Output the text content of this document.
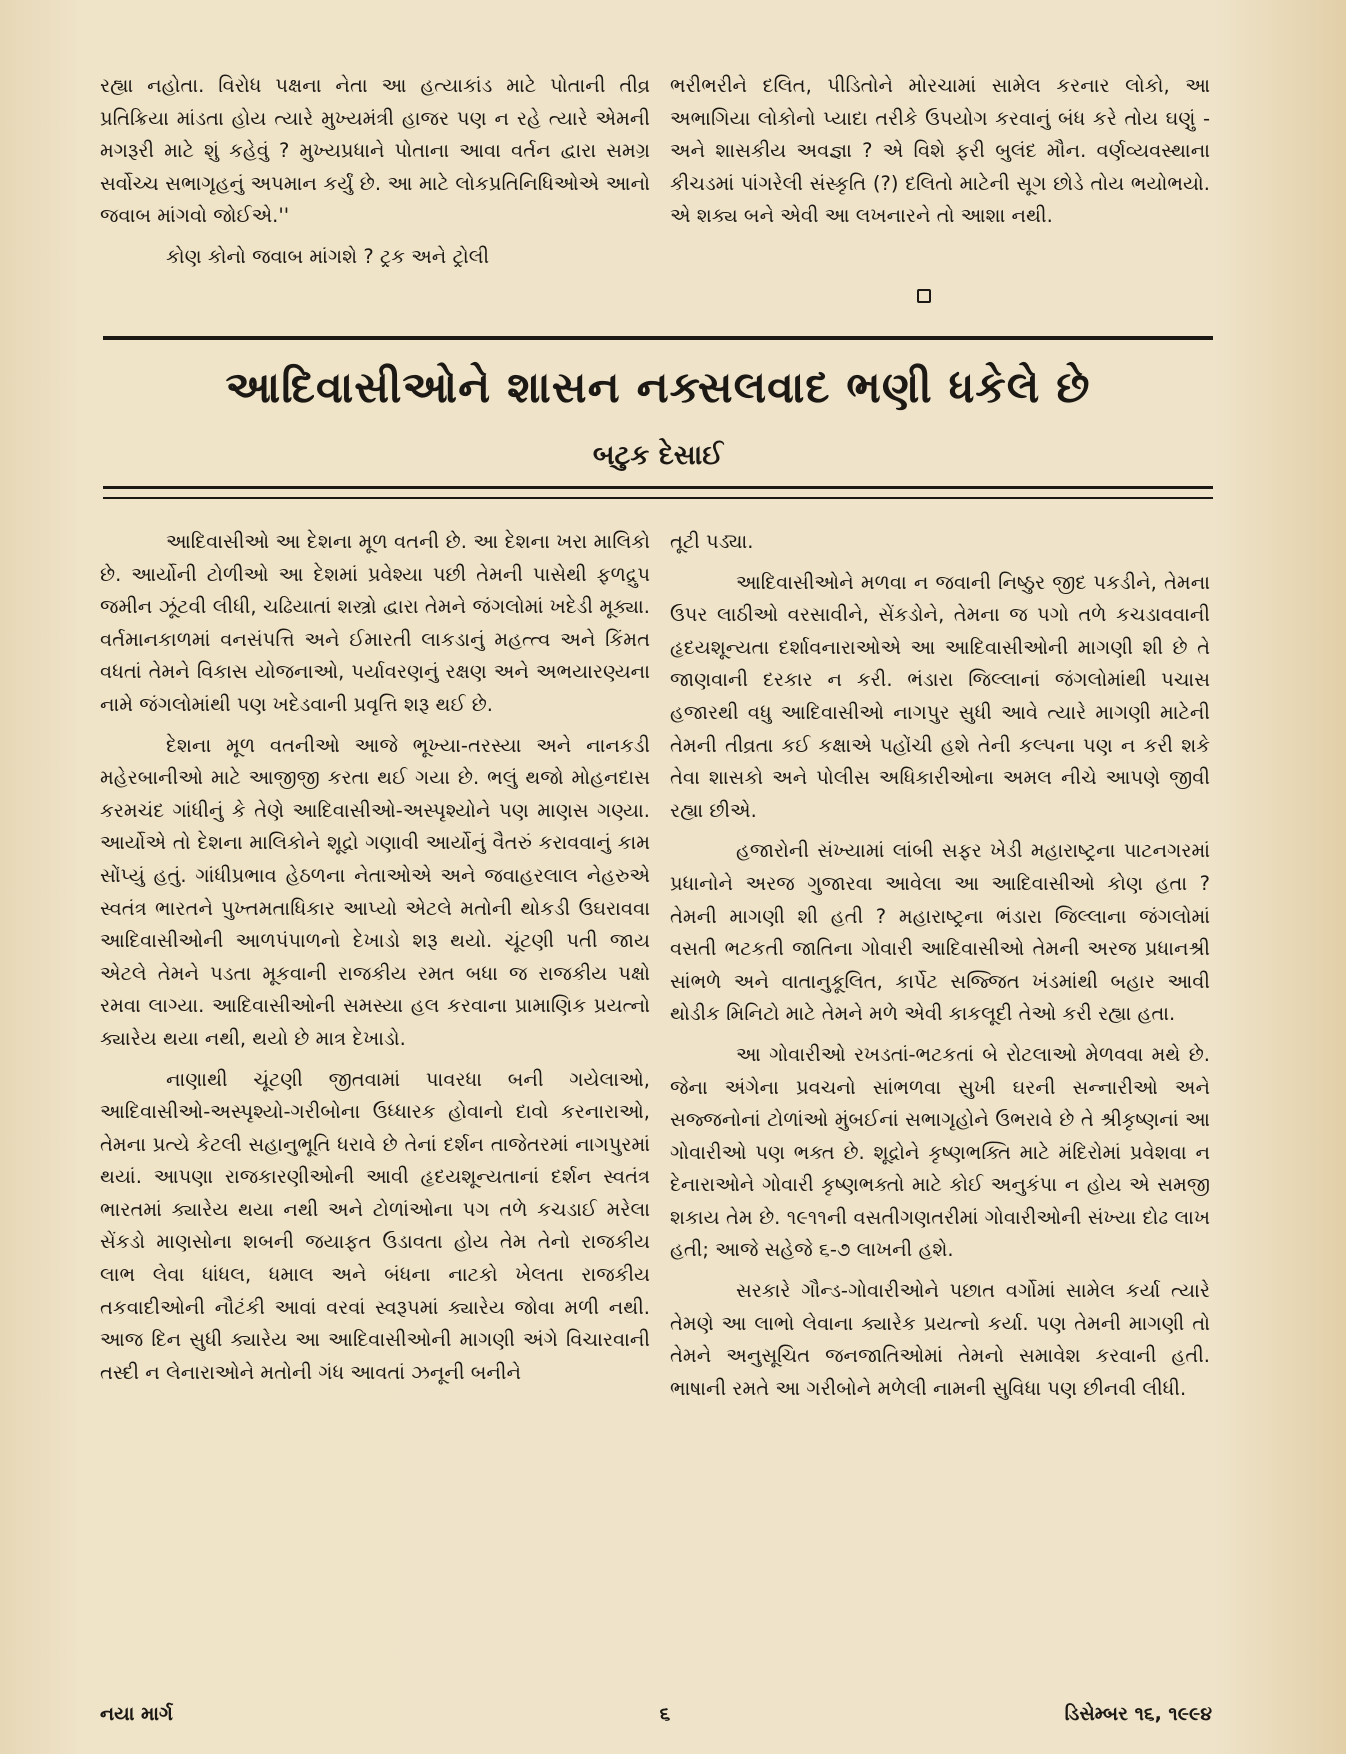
રહ્યા નહોતા. વિરોધ પક્ષના નેતા આ હત્યાકાંડ માટે પોતાની તીવ્ર પ્રતિક્રિયા માંડતા હોય ત્યારે મુખ્યમંત્રી હાજર પણ ન રહે ત્યારે એમની મગરૂરી માટે શું કહેવું ? મુખ્યપ્રધાને પોતાના આવા વર્તન દ્વારા સમગ્ર સર્વોચ્ચ સભાગૃહનું અપમાન કર્યું છે. આ માટે લોકપ્રતિનિધિઓએ આનો જવાબ માંગવો જોઈએ.''

કોણ કોનો જવાબ માંગશે ? ટ્રક અને ટ્રોલી

ભરીભરીને દલિત, પીડિતોને મોરચામાં સામેલ કરનાર લોકો, આ અભાગિયા લોકોનો પ્યાદા તરીકે ઉપયોગ કરવાનું બંધ કરે તોય ઘણું - અને શાસકીય અવજ્ઞા ? એ વિશે ફરી બુલંદ મૌન. વર્ણવ્યવસ્થાના કીચડમાં પાંગરેલી સંસ્કૃતિ (?) દલિતો માટેની સૂગ છોડે તોય ભયોભયો. એ શક્ય બને એવી આ લખનારને તો આશા નથી.

આદિવાસીઓને શાસન નક્સલવાદ ભણી ધકેલે છે
બટુક દેસાઈ

આદિવાસીઓ આ દેશના મૂળ વતની છે. આ દેશના ખરા માલિકો છે. આર્યોની ટોળીઓ આ દેશમાં પ્રવેશ્યા પછી તેમની પાસેથી ફળદ્રુપ જમીન ઝૂંટવી લીધી, ચઢિયાતાં શસ્ત્રો દ્વારા તેમને જંગલોમાં ખદેડી મૂક્યા. વર્તમાનકાળમાં વનસંપત્તિ અને ઈમારતી લાકડાનું મહત્ત્વ અને કિંમત વધતાં તેમને વિકાસ યોજનાઓ, પર્યાવરણનું રક્ષણ અને અભયારણ્યના નામે જંગલોમાંથી પણ ખદેડવાની પ્રવૃત્તિ શરૂ થઈ છે.

દેશના મૂળ વતનીઓ આજે ભૂખ્યા-તરસ્યા અને નાનકડી મહેરબાનીઓ માટે આજીજી કરતા થઈ ગયા છે. ભલું થજો મોહનદાસ કરમચંદ ગાંધીનું કે તેણે આદિવાસીઓ-અસ્પૃશ્યોને પણ માણસ ગણ્યા. આર્યોએ તો દેશના માલિકોને શૂદ્રો ગણાવી આર્યોનું વૈતરું કરાવવાનું કામ સોંપ્યું હતું. ગાંધીપ્રભાવ હેઠળના નેતાઓએ અને જવાહરલાલ નેહરુએ સ્વતંત્ર ભારતને પુખ્તમતાધિકાર આપ્યો એટલે મતોની થોકડી ઉઘરાવવા આદિવાસીઓની આળપંપાળનો દેખાડો શરૂ થયો. ચૂંટણી પતી જાય એટલે તેમને પડતા મૂકવાની રાજકીય રમત બધા જ રાજકીય પક્ષો રમવા લાગ્યા. આદિવાસીઓની સમસ્યા હલ કરવાના પ્રામાણિક પ્રયત્નો ક્યારેય થયા નથી, થયો છે માત્ર દેખાડો.

નાણાથી ચૂંટણી જીતવામાં પાવરધા બની ગયેલાઓ, આદિવાસીઓ-અસ્પૃશ્યો-ગરીબોના ઉધ્ધારક હોવાનો દાવો કરનારાઓ, તેમના પ્રત્યે કેટલી સહાનુભૂતિ ધરાવે છે તેનાં દર્શન તાજેતરમાં નાગપુરમાં થયાં. આપણા રાજકારણીઓની આવી હૃદયશૂન્યતાનાં દર્શન સ્વતંત્ર ભારતમાં ક્યારેય થયા નથી અને ટોળાંઓના પગ તળે કચડાઈ મરેલા સેંકડો માણસોના શબની જયાફત ઉડાવતા હોય તેમ તેનો રાજકીય લાભ લેવા ધાંધલ, ધમાલ અને બંધના નાટકો ખેલતા રાજકીય તકવાદીઓની નૌટંકી આવાં વરવાં સ્વરૂપમાં ક્યારેય જોવા મળી નથી. આજ દિન સુધી ક્યારેય આ આદિવાસીઓની માગણી અંગે વિચારવાની તસ્દી ન લેનારાઓને મતોની ગંધ આવતાં ઝનૂની બનીને

તૂટી પડ્યા.

આદિવાસીઓને મળવા ન જવાની નિષ્ઠુર જીદ પકડીને, તેમના ઉપર લાઠીઓ વરસાવીને, સેંકડોને, તેમના જ પગો તળે કચડાવવાની હૃદયશૂન્યતા દર્શાવનારાઓએ આ આદિવાસીઓની માગણી શી છે તે જાણવાની દરકાર ન કરી. ભંડારા જિલ્લાનાં જંગલોમાંથી પચાસ હજારથી વધુ આદિવાસીઓ નાગપુર સુધી આવે ત્યારે માગણી માટેની તેમની તીવ્રતા કઈ કક્ષાએ પહોંચી હશે તેની કલ્પના પણ ન કરી શકે તેવા શાસકો અને પોલીસ અધિકારીઓના અમલ નીચે આપણે જીવી રહ્યા છીએ.

હજારોની સંખ્યામાં લાંબી સફર ખેડી મહારાષ્ટ્રના પાટનગરમાં પ્રધાનોને અરજ ગુજારવા આવેલા આ આદિવાસીઓ કોણ હતા ? તેમની માગણી શી હતી ? મહારાષ્ટ્રના ભંડારા જિલ્લાના જંગલોમાં વસતી ભટકતી જાતિના ગોવારી આદિવાસીઓ તેમની અરજ પ્રધાનશ્રી સાંભળે અને વાતાનુકૂલિત, કાર્પેટ સજ્જિત ખંડમાંથી બહાર આવી થોડીક મિનિટો માટે તેમને મળે એવી કાકલૂદી તેઓ કરી રહ્યા હતા.

આ ગોવારીઓ રખડતાં-ભટકતાં બે રોટલાઓ મેળવવા મથે છે. જેના અંગેના પ્રવચનો સાંભળવા સુખી ઘરની સન્નારીઓ અને સજ્જનોનાં ટોળાંઓ મુંબઈનાં સભાગૃહોને ઉભરાવે છે તે શ્રીકૃષ્ણનાં આ ગોવારીઓ પણ ભક્ત છે. શૂદ્રોને કૃષ્ણભક્તિ માટે મંદિરોમાં પ્રવેશવા ન દેનારાઓને ગોવારી કૃષ્ણભક્તો માટે કોઈ અનુકંપા ન હોય એ સમજી શકાય તેમ છે. ૧૯૧૧ની વસતીગણતરીમાં ગોવારીઓની સંખ્યા દોઢ લાખ હતી; આજે સહેજે ૬-૭ લાખની હશે.

સરકારે ગૌન્ડ-ગોવારીઓને પછાત વર્ગોમાં સામેલ કર્યા ત્યારે તેમણે આ લાભો લેવાના ક્યારેક પ્રયત્નો કર્યા. પણ તેમની માગણી તો તેમને અનુસૂચિત જનજાતિઓમાં તેમનો સમાવેશ કરવાની હતી. ભાષાની રમતે આ ગરીબોને મળેલી નામની સુવિધા પણ છીનવી લીધી.

નયા માર્ગ	૬	ડિસેમ્બર ૧૬, ૧૯૯૪
